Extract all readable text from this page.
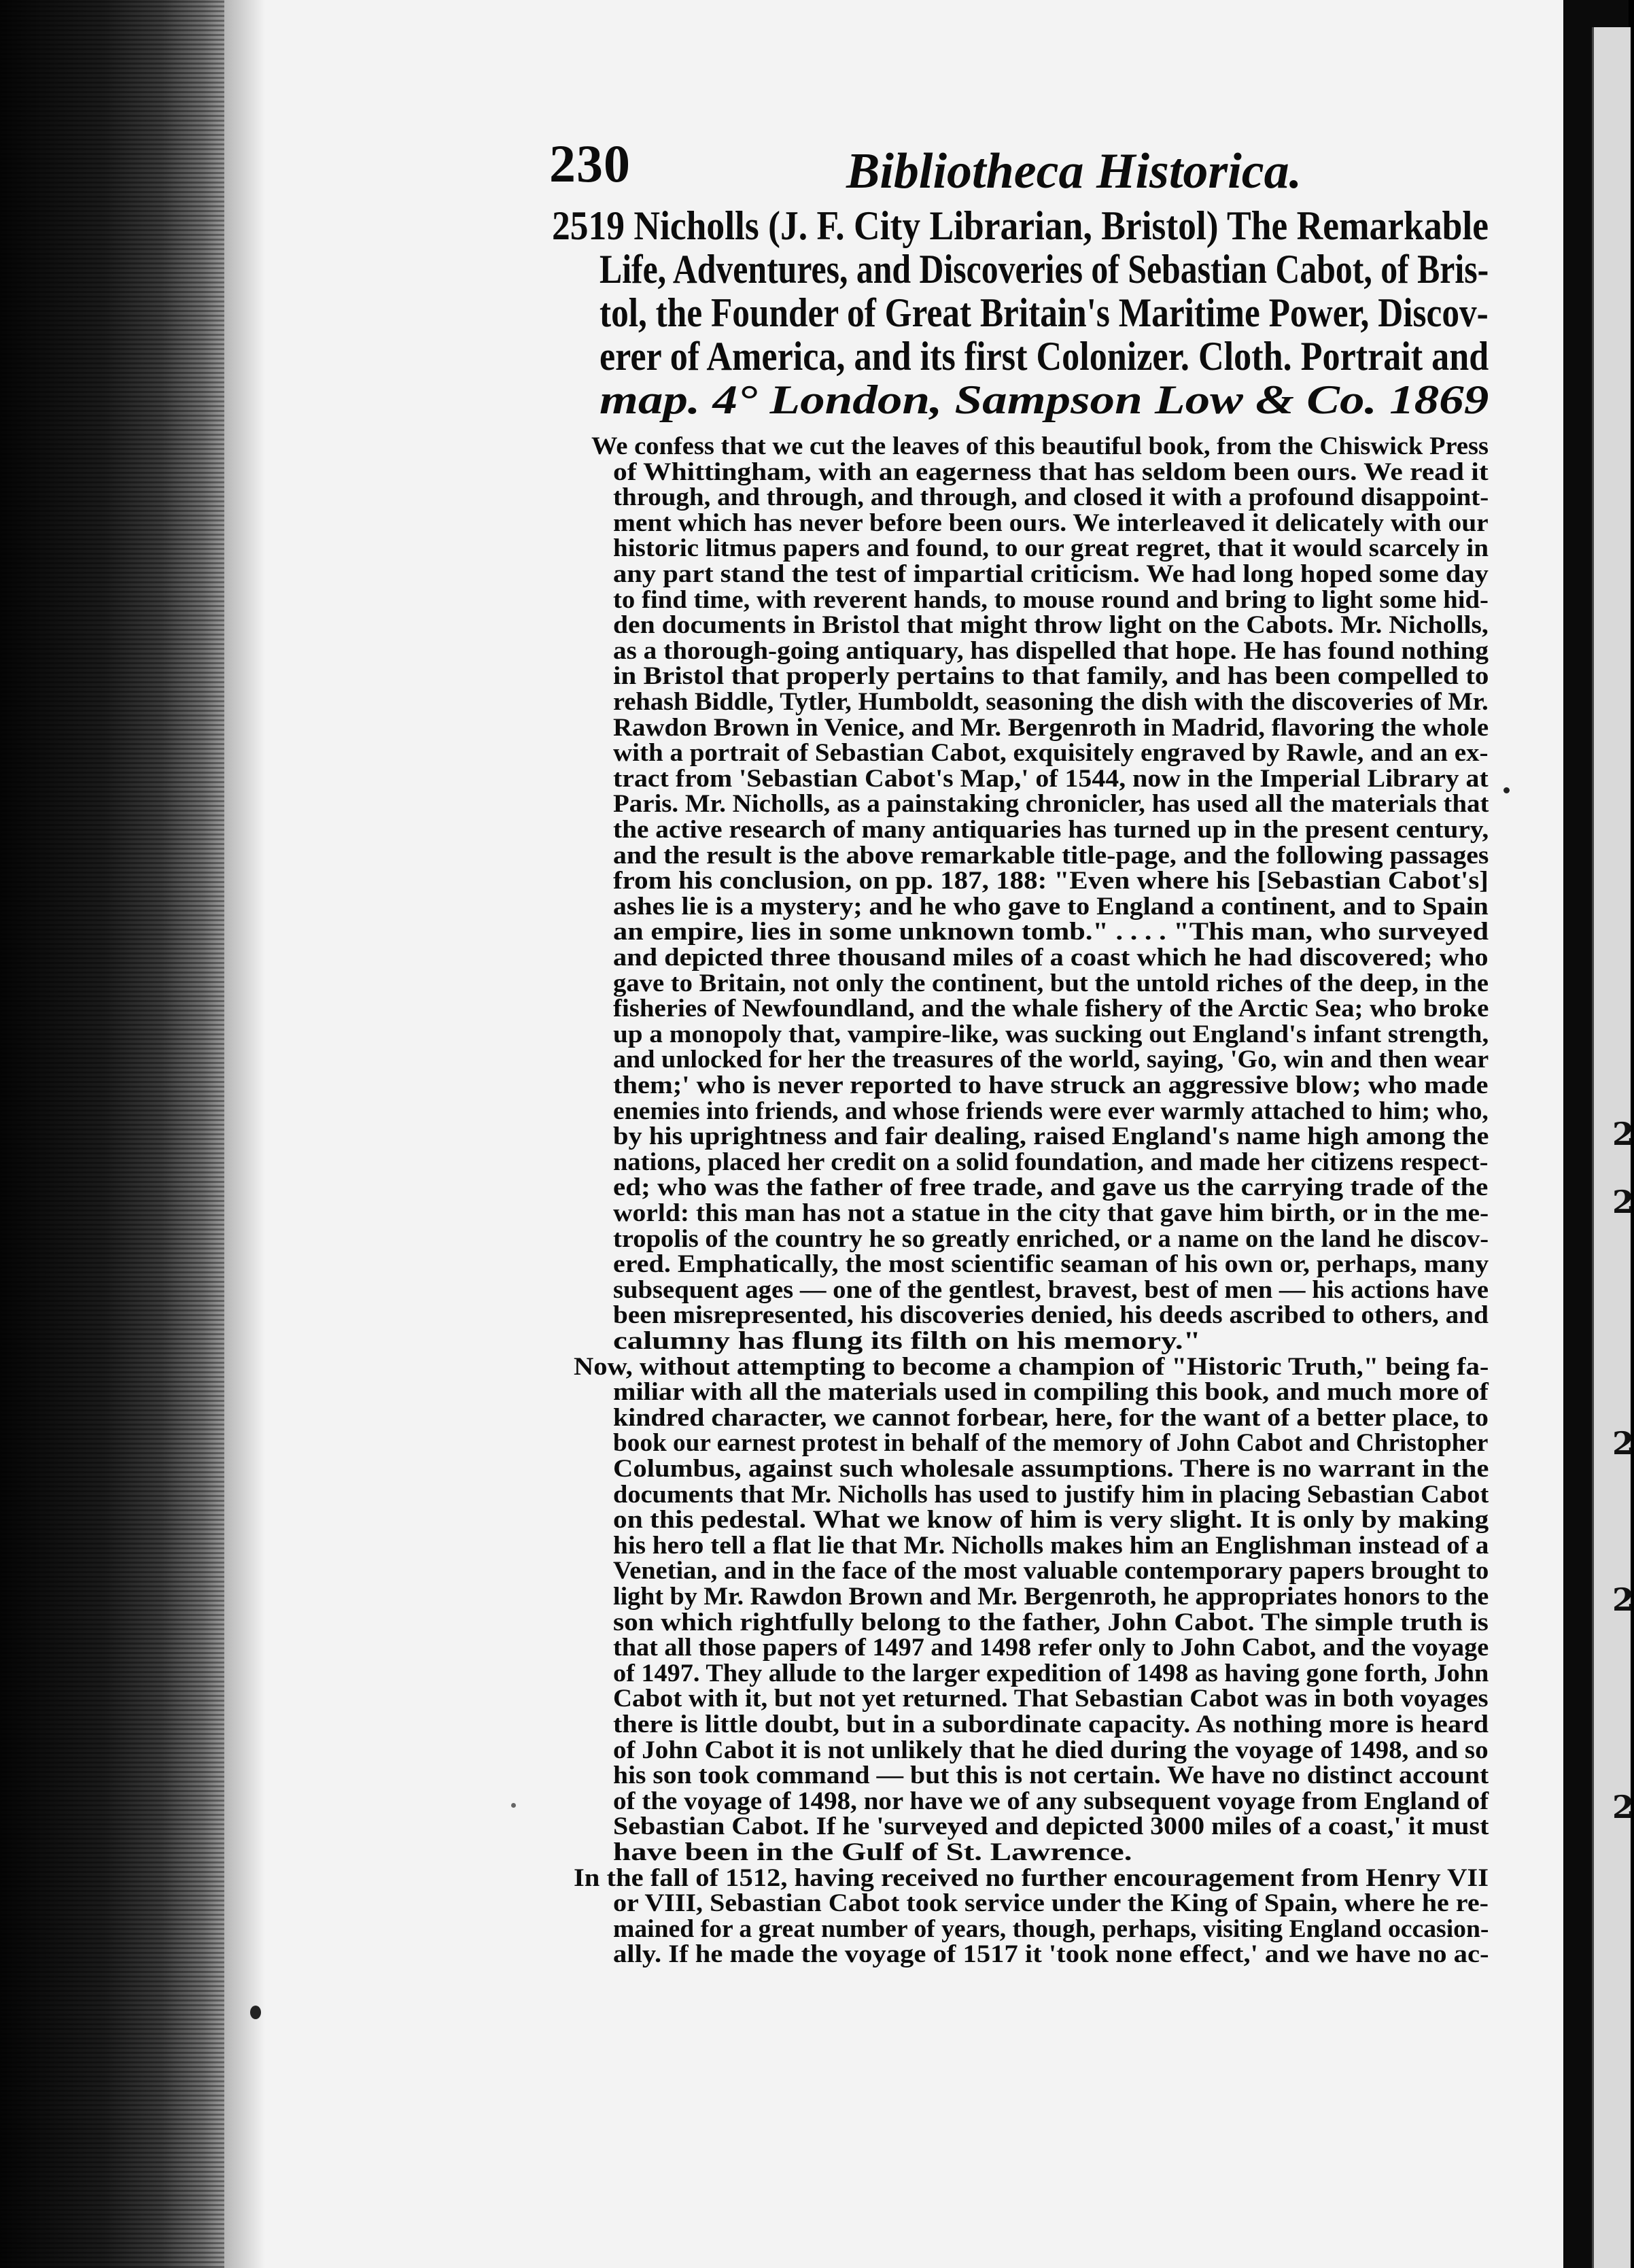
2
2
2
2
2
230	Bibliotheca Historica.
2519 Nicholls (J. F. City Librarian, Bristol) The Remarkable
Life, Adventures, and Discoveries of Sebastian Cabot, of Bris-
tol, the Founder of Great Britain's Maritime Power, Discov-
erer of America, and its first Colonizer. Cloth. Portrait and
map. 4° London, Sampson Low & Co. 1869
We confess that we cut the leaves of this beautiful book, from the Chiswick Press
of Whittingham, with an eagerness that has seldom been ours. We read it
through, and through, and through, and closed it with a profound disappoint-
ment which has never before been ours. We interleaved it delicately with our
historic litmus papers and found, to our great regret, that it would scarcely in
any part stand the test of impartial criticism. We had long hoped some day
to find time, with reverent hands, to mouse round and bring to light some hid-
den documents in Bristol that might throw light on the Cabots. Mr. Nicholls,
as a thorough-going antiquary, has dispelled that hope. He has found nothing
in Bristol that properly pertains to that family, and has been compelled to
rehash Biddle, Tytler, Humboldt, seasoning the dish with the discoveries of Mr.
Rawdon Brown in Venice, and Mr. Bergenroth in Madrid, flavoring the whole
with a portrait of Sebastian Cabot, exquisitely engraved by Rawle, and an ex-
tract from 'Sebastian Cabot's Map,' of 1544, now in the Imperial Library at
Paris. Mr. Nicholls, as a painstaking chronicler, has used all the materials that
the active research of many antiquaries has turned up in the present century,
and the result is the above remarkable title-page, and the following passages
from his conclusion, on pp. 187, 188: "Even where his [Sebastian Cabot's]
ashes lie is a mystery; and he who gave to England a continent, and to Spain
an empire, lies in some unknown tomb." . . . . "This man, who surveyed
and depicted three thousand miles of a coast which he had discovered; who
gave to Britain, not only the continent, but the untold riches of the deep, in the
fisheries of Newfoundland, and the whale fishery of the Arctic Sea; who broke
up a monopoly that, vampire-like, was sucking out England's infant strength,
and unlocked for her the treasures of the world, saying, 'Go, win and then wear
them;' who is never reported to have struck an aggressive blow; who made
enemies into friends, and whose friends were ever warmly attached to him; who,
by his uprightness and fair dealing, raised England's name high among the
nations, placed her credit on a solid foundation, and made her citizens respect-
ed; who was the father of free trade, and gave us the carrying trade of the
world: this man has not a statue in the city that gave him birth, or in the me-
tropolis of the country he so greatly enriched, or a name on the land he discov-
ered. Emphatically, the most scientific seaman of his own or, perhaps, many
subsequent ages — one of the gentlest, bravest, best of men — his actions have
been misrepresented, his discoveries denied, his deeds ascribed to others, and
calumny has flung its filth on his memory."
Now, without attempting to become a champion of "Historic Truth," being fa-
miliar with all the materials used in compiling this book, and much more of
kindred character, we cannot forbear, here, for the want of a better place, to
book our earnest protest in behalf of the memory of John Cabot and Christopher
Columbus, against such wholesale assumptions. There is no warrant in the
documents that Mr. Nicholls has used to justify him in placing Sebastian Cabot
on this pedestal. What we know of him is very slight. It is only by making
his hero tell a flat lie that Mr. Nicholls makes him an Englishman instead of a
Venetian, and in the face of the most valuable contemporary papers brought to
light by Mr. Rawdon Brown and Mr. Bergenroth, he appropriates honors to the
son which rightfully belong to the father, John Cabot. The simple truth is
that all those papers of 1497 and 1498 refer only to John Cabot, and the voyage
of 1497. They allude to the larger expedition of 1498 as having gone forth, John
Cabot with it, but not yet returned. That Sebastian Cabot was in both voyages
there is little doubt, but in a subordinate capacity. As nothing more is heard
of John Cabot it is not unlikely that he died during the voyage of 1498, and so
his son took command — but this is not certain. We have no distinct account
of the voyage of 1498, nor have we of any subsequent voyage from England of
Sebastian Cabot. If he 'surveyed and depicted 3000 miles of a coast,' it must
have been in the Gulf of St. Lawrence.
In the fall of 1512, having received no further encouragement from Henry VII
or VIII, Sebastian Cabot took service under the King of Spain, where he re-
mained for a great number of years, though, perhaps, visiting England occasion-
ally. If he made the voyage of 1517 it 'took none effect,' and we have no ac-
